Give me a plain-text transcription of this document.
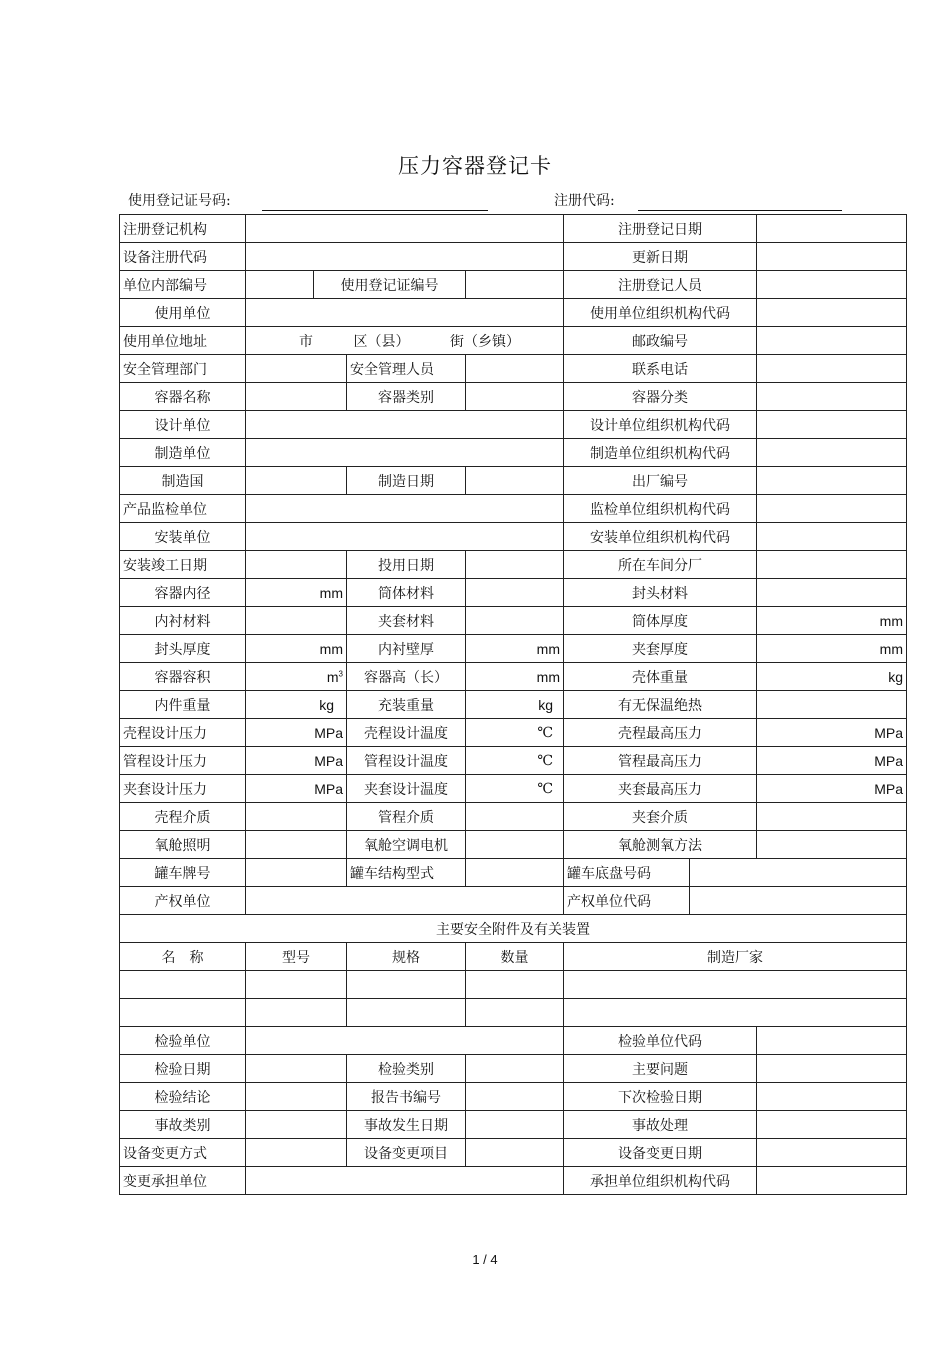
压力容器登记卡
使用登记证号码:	注册代码:
注册登记机构					注册登记日期		
设备注册代码					更新日期		
单位内部编号		使用登记证编号			注册登记人员		
使用单位					使用单位组织机构代码		
使用单位地址	市 区（县） 街（乡镇）				邮政编号		
安全管理部门			安全管理人员		联系电话		
容器名称			容器类别		容器分类		
设计单位					设计单位组织机构代码		
制造单位					制造单位组织机构代码		
制造国			制造日期		出厂编号		
产品监检单位					监检单位组织机构代码		
安装单位					安装单位组织机构代码		
安装竣工日期			投用日期		所在车间分厂		
容器内径	mm		筒体材料		封头材料		
内衬材料			夹套材料		筒体厚度		mm
封头厚度	mm		内衬壁厚	mm	夹套厚度		mm
容器容积	$m^3$		容器高（长）	mm	壳体重量		kg
内件重量	kg		充装重量	kg	有无保温绝热		
壳程设计压力	MPa		壳程设计温度	℃	壳程最高压力		MPa
管程设计压力	MPa		管程设计温度	℃	管程最高压力		MPa
夹套设计压力	MPa		夹套设计温度	℃	夹套最高压力		MPa
壳程介质			管程介质		夹套介质		
氧舱照明			氧舱空调电机		氧舱测氧方法		
罐车牌号			罐车结构型式		罐车底盘号码		
产权单位					产权单位代码		
主要安全附件及有关装置							
名　称	型号		规格	数量	制造厂家		

检验单位					检验单位代码		
检验日期			检验类别		主要问题		
检验结论			报告书编号		下次检验日期		
事故类别			事故发生日期		事故处理		
设备变更方式			设备变更项目		设备变更日期		
变更承担单位					承担单位组织机构代码		
1 / 4
